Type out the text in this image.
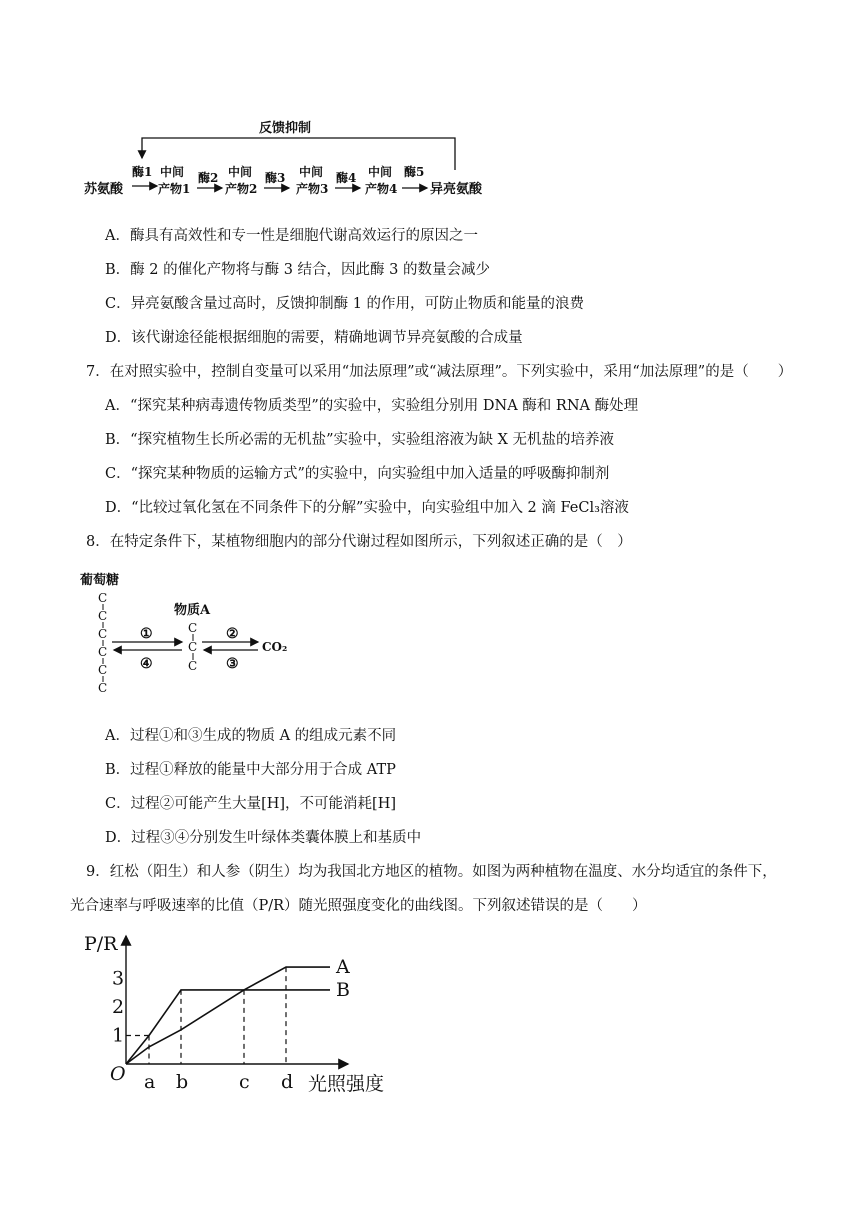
反馈抑制
苏氨酸	异亮氨酸
酶1 中间
产物1
酶2 中间
产物2
酶3 中间
产物3
酶4 中间
产物4
酶5
A．酶具有高效性和专一性是细胞代谢高效运行的原因之一
B．酶 2 的催化产物将与酶 3 结合，因此酶 3 的数量会减少
C．异亮氨酸含量过高时，反馈抑制酶 1 的作用，可防止物质和能量的浪费
D．该代谢途径能根据细胞的需要，精确地调节异亮氨酸的合成量
7．在对照实验中，控制自变量可以采用“加法原理”或“减法原理”。下列实验中，采用“加法原理”的是（　　）
A．“探究某种病毒遗传物质类型”的实验中，实验组分别用 DNA 酶和 RNA 酶处理
B．“探究植物生长所必需的无机盐”实验中，实验组溶液为缺 X 无机盐的培养液
C．“探究某种物质的运输方式”的实验中，向实验组中加入适量的呼吸酶抑制剂
D．“比较过氧化氢在不同条件下的分解”实验中，向实验组中加入 2 滴 FeCl₃溶液
8．在特定条件下，某植物细胞内的部分代谢过程如图所示，下列叙述正确的是（　）
葡萄糖
C
C
C
C
C
C
物质A
C
C
C
①
④
②
③
CO₂
A．过程①和③生成的物质 A 的组成元素不同
B．过程①释放的能量中大部分用于合成 ATP
C．过程②可能产生大量[H]，不可能消耗[H]
D．过程③④分别发生叶绿体类囊体膜上和基质中
9．红松（阳生）和人参（阴生）均为我国北方地区的植物。如图为两种植物在温度、水分均适宜的条件下，
光合速率与呼吸速率的比值（P/R）随光照强度变化的曲线图。下列叙述错误的是（　　）
P/R
光照强度
O
1
2
3
a b	c d
A
B
